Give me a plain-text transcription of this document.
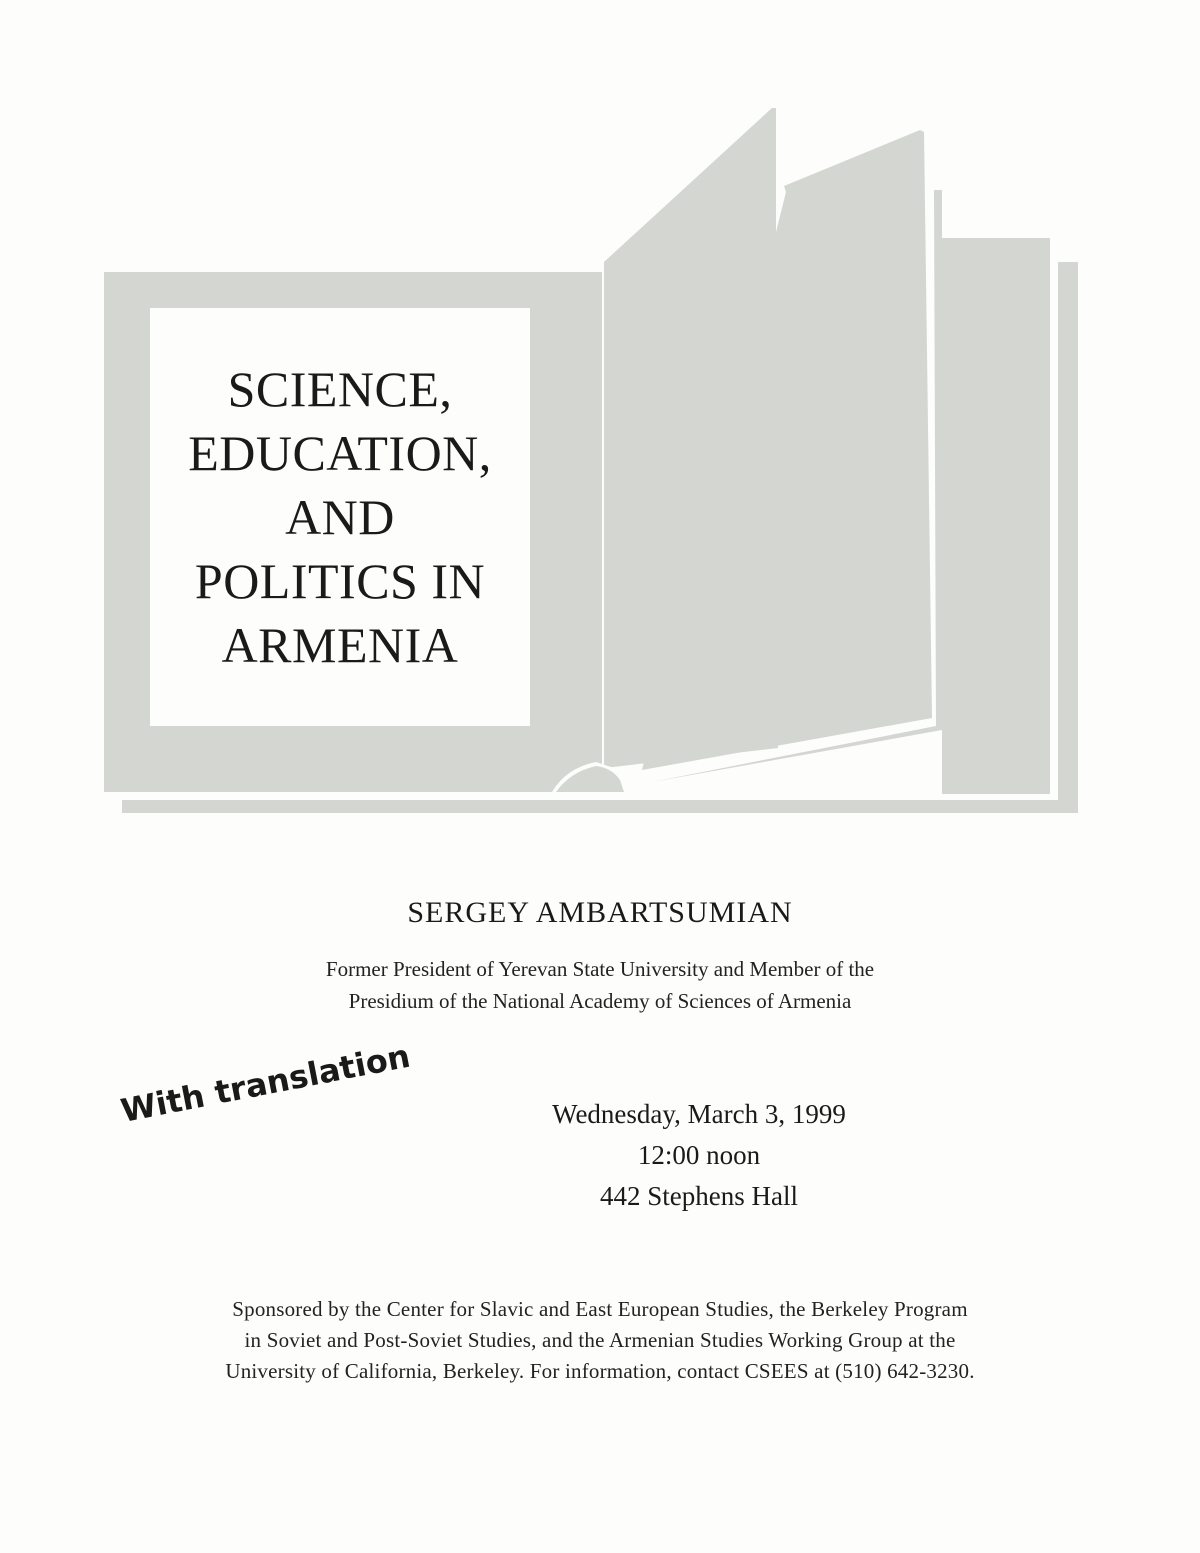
SCIENCE,
EDUCATION,
AND
POLITICS IN
ARMENIA
SERGEY AMBARTSUMIAN
Former President of Yerevan State University and Member of the
Presidium of the National Academy of Sciences of Armenia
With translation	Wednesday, March 3, 1999
12:00 noon
442 Stephens Hall
Sponsored by the Center for Slavic and East European Studies, the Berkeley Program
in Soviet and Post-Soviet Studies, and the Armenian Studies Working Group at the
University of California, Berkeley. For information, contact CSEES at (510) 642-3230.
